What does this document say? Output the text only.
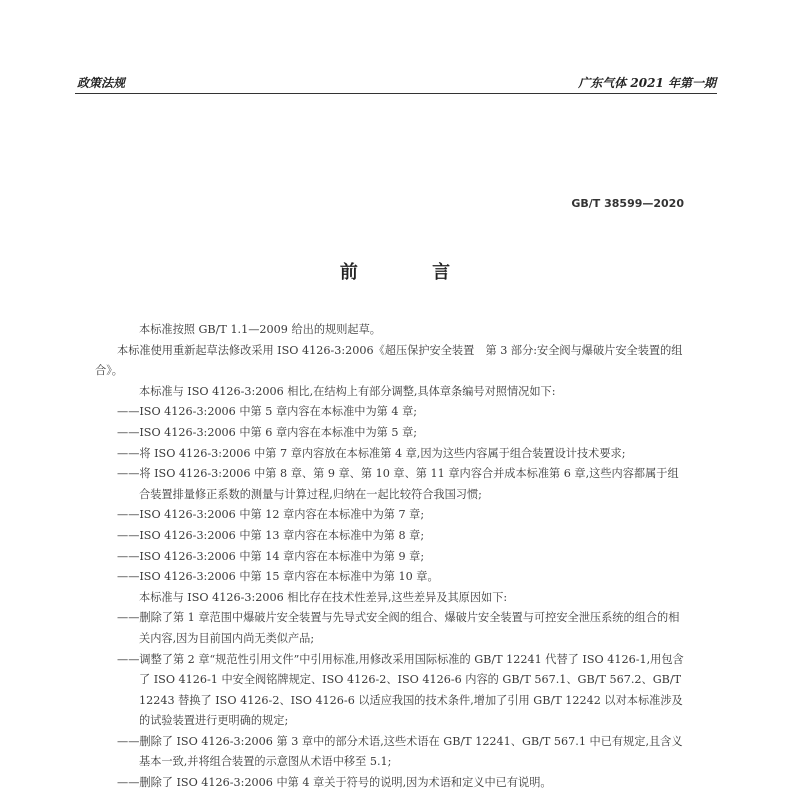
政策法规	广东气体 2021 年第一期
GB/T 38599—2020
前 言

本标准按照 GB/T 1.1—2009 给出的规则起草。

本标准使用重新起草法修改采用 ISO 4126-3:2006《超压保护安全装置　第 3 部分:安全阀与爆破片安全装置的组合》。

本标准与 ISO 4126-3:2006 相比,在结构上有部分调整,具体章条编号对照情况如下:

——ISO 4126-3:2006 中第 5 章内容在本标准中为第 4 章;

——ISO 4126-3:2006 中第 6 章内容在本标准中为第 5 章;

——将 ISO 4126-3:2006 中第 7 章内容放在本标准第 4 章,因为这些内容属于组合装置设计技术要求;

——将 ISO 4126-3:2006 中第 8 章、第 9 章、第 10 章、第 11 章内容合并成本标准第 6 章,这些内容都属于组合装置排量修正系数的测量与计算过程,归纳在一起比较符合我国习惯;

——ISO 4126-3:2006 中第 12 章内容在本标准中为第 7 章;

——ISO 4126-3:2006 中第 13 章内容在本标准中为第 8 章;

——ISO 4126-3:2006 中第 14 章内容在本标准中为第 9 章;

——ISO 4126-3:2006 中第 15 章内容在本标准中为第 10 章。

本标准与 ISO 4126-3:2006 相比存在技术性差异,这些差异及其原因如下:

——删除了第 1 章范围中爆破片安全装置与先导式安全阀的组合、爆破片安全装置与可控安全泄压系统的组合的相关内容,因为目前国内尚无类似产品;

——调整了第 2 章“规范性引用文件”中引用标准,用修改采用国际标准的 GB/T 12241 代替了 ISO 4126-1,用包含了 ISO 4126-1 中安全阀铭牌规定、ISO 4126-2、ISO 4126-6 内容的 GB/T 567.1、GB/T 567.2、GB/T 12243 替换了 ISO 4126-2、ISO 4126-6 以适应我国的技术条件,增加了引用 GB/T 12242 以对本标准涉及的试验装置进行更明确的规定;

——删除了 ISO 4126-3:2006 第 3 章中的部分术语,这些术语在 GB/T 12241、GB/T 567.1 中已有规定,且含义基本一致,并将组合装置的示意图从术语中移至 5.1;

——删除了 ISO 4126-3:2006 中第 4 章关于符号的说明,因为术语和定义中已有说明。
